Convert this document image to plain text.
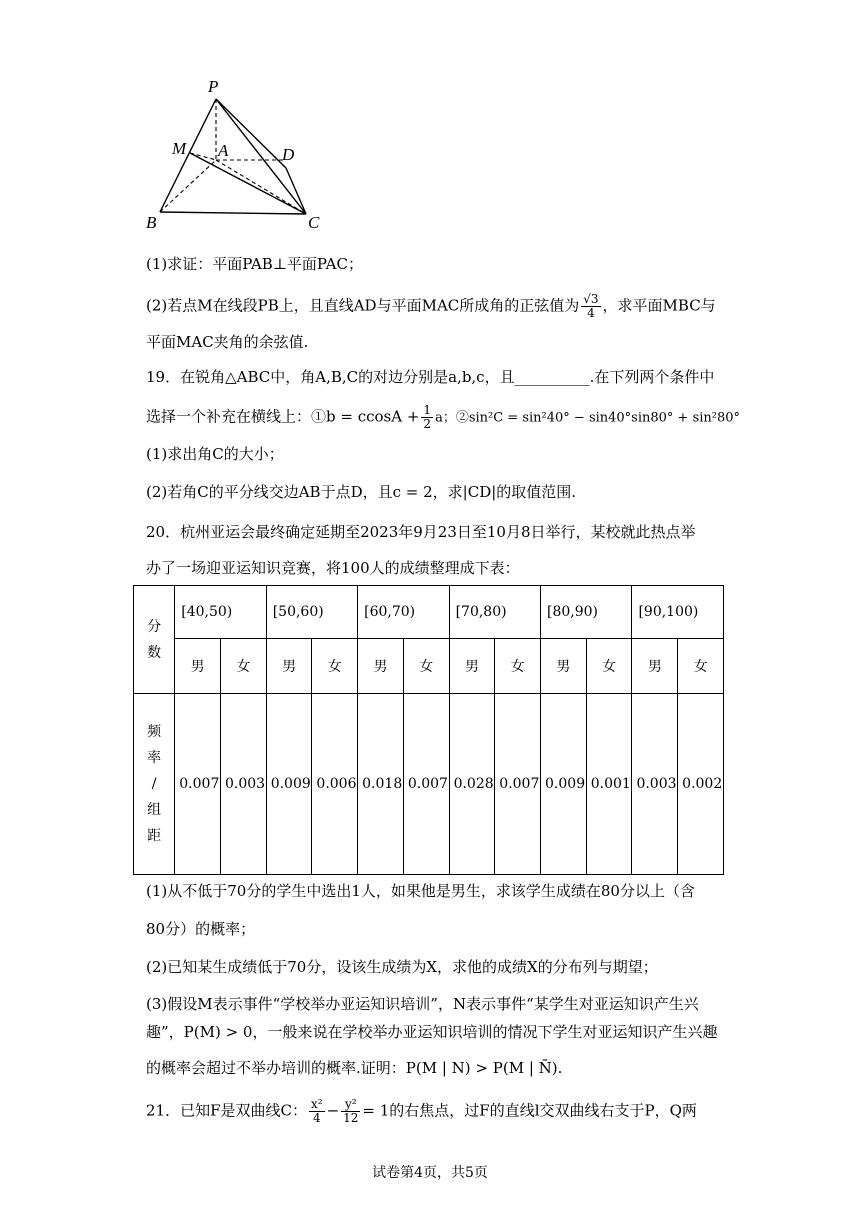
P
M A	D
B	C
(1)求证：平面PAB⊥平面PAC；
(2)若点M在线段PB上，且直线AD与平面MAC所成角的正弦值为 $\frac{√3}{4}$ ，求平面MBC与
平面MAC夹角的余弦值.
19．在锐角△ABC中，角A,B,C的对边分别是a,b,c，且__________.在下列两个条件中
选择一个补充在横线上：①b = $ccosA + \frac{1}{2}$ a；②sin²C = sin²40° − sin40°sin80° + sin²80°
(1)求出角C的大小；
(2)若角C的平分线交边AB于点D，且c = 2，求|CD|的取值范围.
20．杭州亚运会最终确定延期至2023年9月23日至10月8日举行，某校就此热点举
办了一场迎亚运知识竞赛，将100人的成绩整理成下表：
分
数	[40,50)		[50,60)		[60,70)		[70,80)		[80,90)		[90,100)	
	男	女	男	女	男	女	男	女	男	女	男	女

频
率
/
组
距	0.007	0.003	0.009	0.006	0.018	0.007	0.028	0.007	0.009	0.001	0.003	0.002
(1)从不低于70分的学生中选出1人，如果他是男生，求该学生成绩在80分以上（含
80分）的概率；
(2)已知某生成绩低于70分，设该生成绩为X，求他的成绩X的分布列与期望；
(3)假设M表示事件“学校举办亚运知识培训”，N表示事件“某学生对亚运知识产生兴
趣”，P(M) > 0，一般来说在学校举办亚运知识培训的情况下学生对亚运知识产生兴趣
的概率会超过不举办培训的概率.证明：P(M | N) > P(M | N̄).
21．已知F是双曲线C： $\frac{\text{x²}}{4} - \frac{\text{y²}}{12} = 1$的右焦点，过F的直线l交双曲线右支于P，Q两
试卷第4页，共5页
